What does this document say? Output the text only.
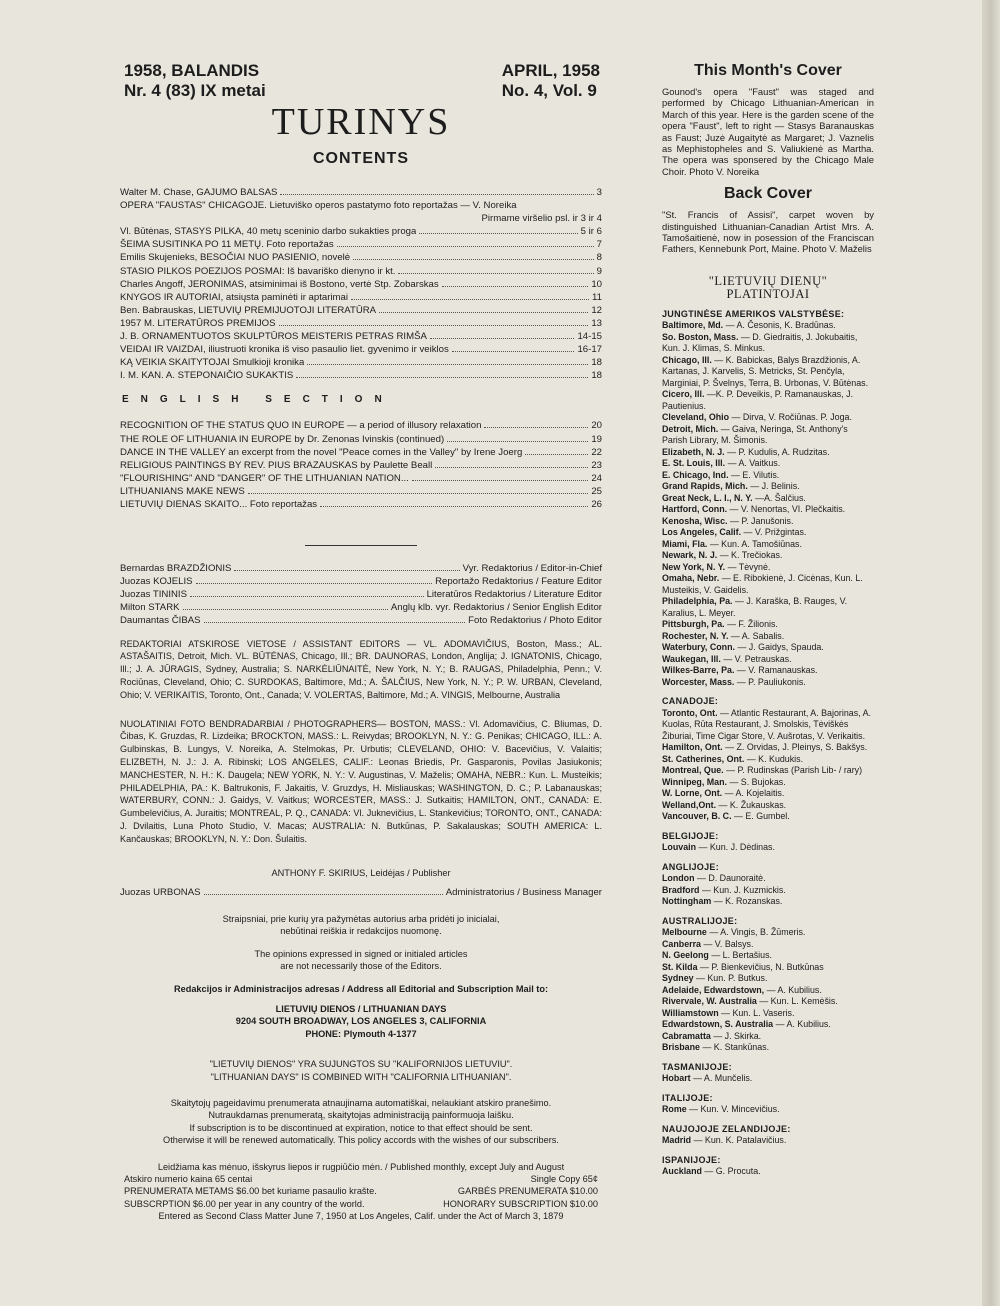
1958, BALANDIS
Nr. 4 (83) IX metai
APRIL, 1958
No. 4, Vol. 9
TURINYS
CONTENTS
Walter M. Chase, GAJUMO BALSAS	3
OPERA "FAUSTAS" CHICAGOJE. Lietuviško operos pastatymo foto reportažas — V. Noreika
Pirmame viršelio psl. ir 3 ir 4
Vl. Būtėnas, STASYS PILKA, 40 metų sceninio darbo sukakties proga	5 ir 6
ŠEIMA SUSITINKA PO 11 METŲ. Foto reportažas	7
Emilis Skujenieks, BESOČIAI NUO PASIENIO, novelė	8
STASIO PILKOS POEZIJOS POSMAI: Iš bavariško dienyno ir kt.	9
Charles Angoff, JERONIMAS, atsiminimai iš Bostono, vertė Stp. Zobarskas	10
KNYGOS IR AUTORIAI, atsiųsta paminėti ir aptarimai	11
Ben. Babrauskas, LIETUVIŲ PREMIJUOTOJI LITERATŪRA	12
1957 M. LITERATŪROS PREMIJOS	13
J. B. ORNAMENTUOTOS SKULPTŪROS MEISTERIS PETRAS RIMŠA	14-15
VEIDAI IR VAIZDAI, iliustruoti kronika iš viso pasaulio liet. gyvenimo ir veiklos	16-17
KĄ VEIKIA SKAITYTOJAI Smulkioji kronika	18
I. M. KAN. A. STEPONAIČIO SUKAKTIS	18
ENGLISH SECTION
RECOGNITION OF THE STATUS QUO IN EUROPE — a period of illusory relaxation	20
THE ROLE OF LITHUANIA IN EUROPE by Dr. Zenonas Ivinskis (continued)	19
DANCE IN THE VALLEY an excerpt from the novel "Peace comes in the Valley" by Irene Joerg	22
RELIGIOUS PAINTINGS BY REV. PIUS BRAZAUSKAS by Paulette Beall	23
"FLOURISHING" AND "DANGER" OF THE LITHUANIAN NATION...	24
LITHUANIANS MAKE NEWS	25
LIETUVIŲ DIENAS SKAITO... Foto reportažas	26
Bernardas BRAZDŽIONIS	Vyr. Redaktorius / Editor-in-Chief
Juozas KOJELIS	Reportažo Redaktorius / Feature Editor
Juozas TININIS	Literatūros Redaktorius / Literature Editor
Milton STARK	Anglų klb. vyr. Redaktorius / Senior English Editor
Daumantas ČIBAS	Foto Redaktorius / Photo Editor
REDAKTORIAI ATSKIROSE VIETOSE / ASSISTANT EDITORS — VL. ADOMAVIČIUS, Boston, Mass.; AL. ASTAŠAITIS, Detroit, Mich. VL. BŪTĖNAS, Chicago, Ill.; BR. DAUNORAS, London, Anglija; J. IGNATONIS, Chicago, Ill.; J. A. JŪRAGIS, Sydney, Australia; S. NARKĖLIŪNAITĖ, New York, N. Y.; B. RAUGAS, Philadelphia, Penn.; V. Rociūnas, Cleveland, Ohio; C. SURDOKAS, Baltimore, Md.; A. ŠALČIUS, New York, N. Y.; P. W. URBAN, Cleveland, Ohio; V. VERIKAITIS, Toronto, Ont., Canada; V. VOLERTAS, Baltimore, Md.; A. VINGIS, Melbourne, Australia
NUOLATINIAI FOTO BENDRADARBIAI / PHOTOGRAPHERS— BOSTON, MASS.: Vl. Adomavičius, C. Bliumas, D. Čibas, K. Gruzdas, R. Lizdeika; BROCKTON, MASS.: L. Reivydas; BROOKLYN, N. Y.: G. Penikas; CHICAGO, ILL.: A. Gulbinskas, B. Lungys, V. Noreika, A. Stelmokas, Pr. Urbutis; CLEVELAND, OHIO: V. Bacevičius, V. Valaitis; ELIZBETH, N. J.: J. A. Ribinski; LOS ANGELES, CALIF.: Leonas Briedis, Pr. Gasparonis, Povilas Jasiukonis; MANCHESTER, N. H.: K. Daugela; NEW YORK, N. Y.: V. Augustinas, V. Maželis; OMAHA, NEBR.: Kun. L. Musteikis; PHILADELPHIA, PA.: K. Baltrukonis, F. Jakaitis, V. Gruzdys, H. Misliauskas; WASHINGTON, D. C.; P. Labanauskas; WATERBURY, CONN.: J. Gaidys, V. Vaitkus; WORCESTER, MASS.: J. Sutkaitis; HAMILTON, ONT., CANADA: E. Gumbelevičius, A. Juraitis; MONTREAL, P. Q., CANADA: Vl. Juknevičius, L. Stankevičius; TORONTO, ONT., CANADA: J. Dvilaitis, Luna Photo Studio, V. Macas; AUSTRALIA: N. Butkūnas, P. Sakalauskas; SOUTH AMERICA: L. Kančauskas; BROOKLYN, N. Y.: Don. Šulaitis.
ANTHONY F. SKIRIUS, Leidėjas / Publisher
Juozas URBONAS	Administratorius / Business Manager
Straipsniai, prie kurių yra pažymėtas autorius arba pridėti jo inicialai,
nebūtinai reiškia ir redakcijos nuomonę.
The opinions expressed in signed or initialed articles
are not necessarily those of the Editors.
Redakcijos ir Administracijos adresas / Address all Editorial and Subscription Mail to:
LIETUVIŲ DIENOS / LITHUANIAN DAYS
9204 SOUTH BROADWAY, LOS ANGELES 3, CALIFORNIA
PHONE: Plymouth 4-1377
"LIETUVIŲ DIENOS" YRA SUJUNGTOS SU "KALIFORNIJOS LIETUVIU".
"LITHUANIAN DAYS" IS COMBINED WITH "CALIFORNIA LITHUANIAN".
Skaitytojų pageidavimu prenumerata atnaujinama automatiškai, nelaukiant atskiro pranešimo.
Nutraukdamas prenumeratą, skaitytojas administraciją painformuoja laišku.
If subscription is to be discontinued at expiration, notice to that effect should be sent.
Otherwise it will be renewed automatically. This policy accords with the wishes of our subscribers.
Leidžiama kas mėnuo, išskyrus liepos ir rugpiūčio mėn. / Published monthly, except July and August
Atskiro numerio kaina 65 centai	Single Copy 65¢
PRENUMERATA METAMS $6.00 bet kuriame pasaulio krašte.	GARBĖS PRENUMERATA $10.00
SUBSCRPTION $6.00 per year in any country of the world.	HONORARY SUBSCRIPTION $10.00
Entered as Second Class Matter June 7, 1950 at Los Angeles, Calif. under the Act of March 3, 1879
This Month's Cover
Gounod's opera "Faust" was staged and performed by Chicago Lithuanian-American in March of this year. Here is the garden scene of the opera "Faust", left to right — Stasys Baranauskas as Faust; Juzė Augaitytė as Margaret; J. Vaznelis as Mephistopheles and S. Valiukienė as Martha. The opera was sponsered by the Chicago Male Choir. Photo V. Noreika
Back Cover
"St. Francis of Assisi", carpet woven by distinguished Lithuanian-Canadian Artist Mrs. A. Tamošaitienė, now in posession of the Franciscan Fathers, Kennebunk Port, Maine. Photo V. Maželis
"LIETUVIŲ DIENŲ"
PLATINTOJAI
JUNGTINĖSE AMERIKOS VALSTYBĖSE:
Baltimore, Md. — A. Česonis, K. Bradūnas.
So. Boston, Mass. — D. Giedraitis, J. Jokubaitis, Kun. J. Klimas, S. Minkus.
Chicago, Ill. — K. Babickas, Balys Brazdžionis, A. Kartanas, J. Karvelis, S. Metricks, St. Penčyla, Marginiai, P. Švelnys, Terra, B. Urbonas, V. Būtėnas.
Cicero, Ill. —K. P. Deveikis, P. Ramanauskas, J. Pautienius.
Cleveland, Ohio — Dirva, V. Ročiūnas. P. Joga.
Detroit, Mich. — Gaiva, Neringa, St. Anthony's Parish Library, M. Šimonis.
Elizabeth, N. J. — P. Kudulis, A. Rudzitas.
E. St. Louis, Ill. — A. Vaitkus.
E. Chicago, Ind. — E. Vilutis.
Grand Rapids, Mich. — J. Belinis.
Great Neck, L. I., N. Y. —A. Šalčius.
Hartford, Conn. — V. Nenortas, VI. Plečkaitis.
Kenosha, Wisc. — P. Janušonis.
Los Angeles, Calif. — V. Prižgintas.
Miami, Fla. — Kun. A. Tamošiūnas.
Newark, N. J. — K. Trečiokas.
New York, N. Y. — Tėvynė.
Omaha, Nebr. — E. Ribokienė, J. Cicėnas, Kun. L. Musteikis, V. Gaidelis.
Philadelphia, Pa. — J. Karaška, B. Rauges, V. Karalius, L. Meyer.
Pittsburgh, Pa. — F. Žilionis.
Rochester, N. Y. — A. Sabalis.
Waterbury, Conn. — J. Gaidys, Spauda.
Waukegan, Ill. — V. Petrauskas.
Wilkes-Barre, Pa. — V. Ramanauskas.
Worcester, Mass. — P. Pauliukonis.
CANADOJE:
Toronto, Ont. — Atlantic Restaurant, A. Bajorinas, A. Kuolas, Rūta Restaurant, J. Smolskis, Tėviškės Žiburiai, Time Cigar Store, V. Aušrotas, V. Verikaitis.
Hamilton, Ont. — Z. Orvidas, J. Pleinys, S. Bakšys.
St. Catherines, Ont. — K. Kudukis.
Montreal, Que. — P. Rudinskas (Parish Lib- / rary)
Winnipeg, Man. — S. Bujokas.
W. Lorne, Ont. — A. Kojelaitis.
Welland,Ont. — K. Žukauskas.
Vancouver, B. C. — E. Gumbel.
BELGIJOJE:
Louvain — Kun. J. Dėdinas.
ANGLIJOJE:
London — D. Daunoraitė.
Bradford — Kun. J. Kuzmickis.
Nottingham — K. Rozanskas.
AUSTRALIJOJE:
Melbourne — A. Vingis, B. Žūmeris.
Canberra — V. Balsys.
N. Geelong — L. Bertašius.
St. Kilda — P. Bienkevičius, N. Butkūnas
Sydney — Kun. P. Butkus.
Adelaide, Edwardstown, — A. Kubilius.
Rivervale, W. Australia — Kun. L. Kemėšis.
Williamstown — Kun. L. Vaseris.
Edwardstown, S. Australia — A. Kubilius.
Cabramatta — J. Skirka.
Brisbane — K. Stankūnas.
TASMANIJOJE:
Hobart — A. Munčelis.
ITALIJOJE:
Rome — Kun. V. Mincevičius.
NAUJOJOJE ZELANDIJOJE:
Madrid — Kun. K. Patalavičius.
ISPANIJOJE:
Auckland — G. Procuta.
